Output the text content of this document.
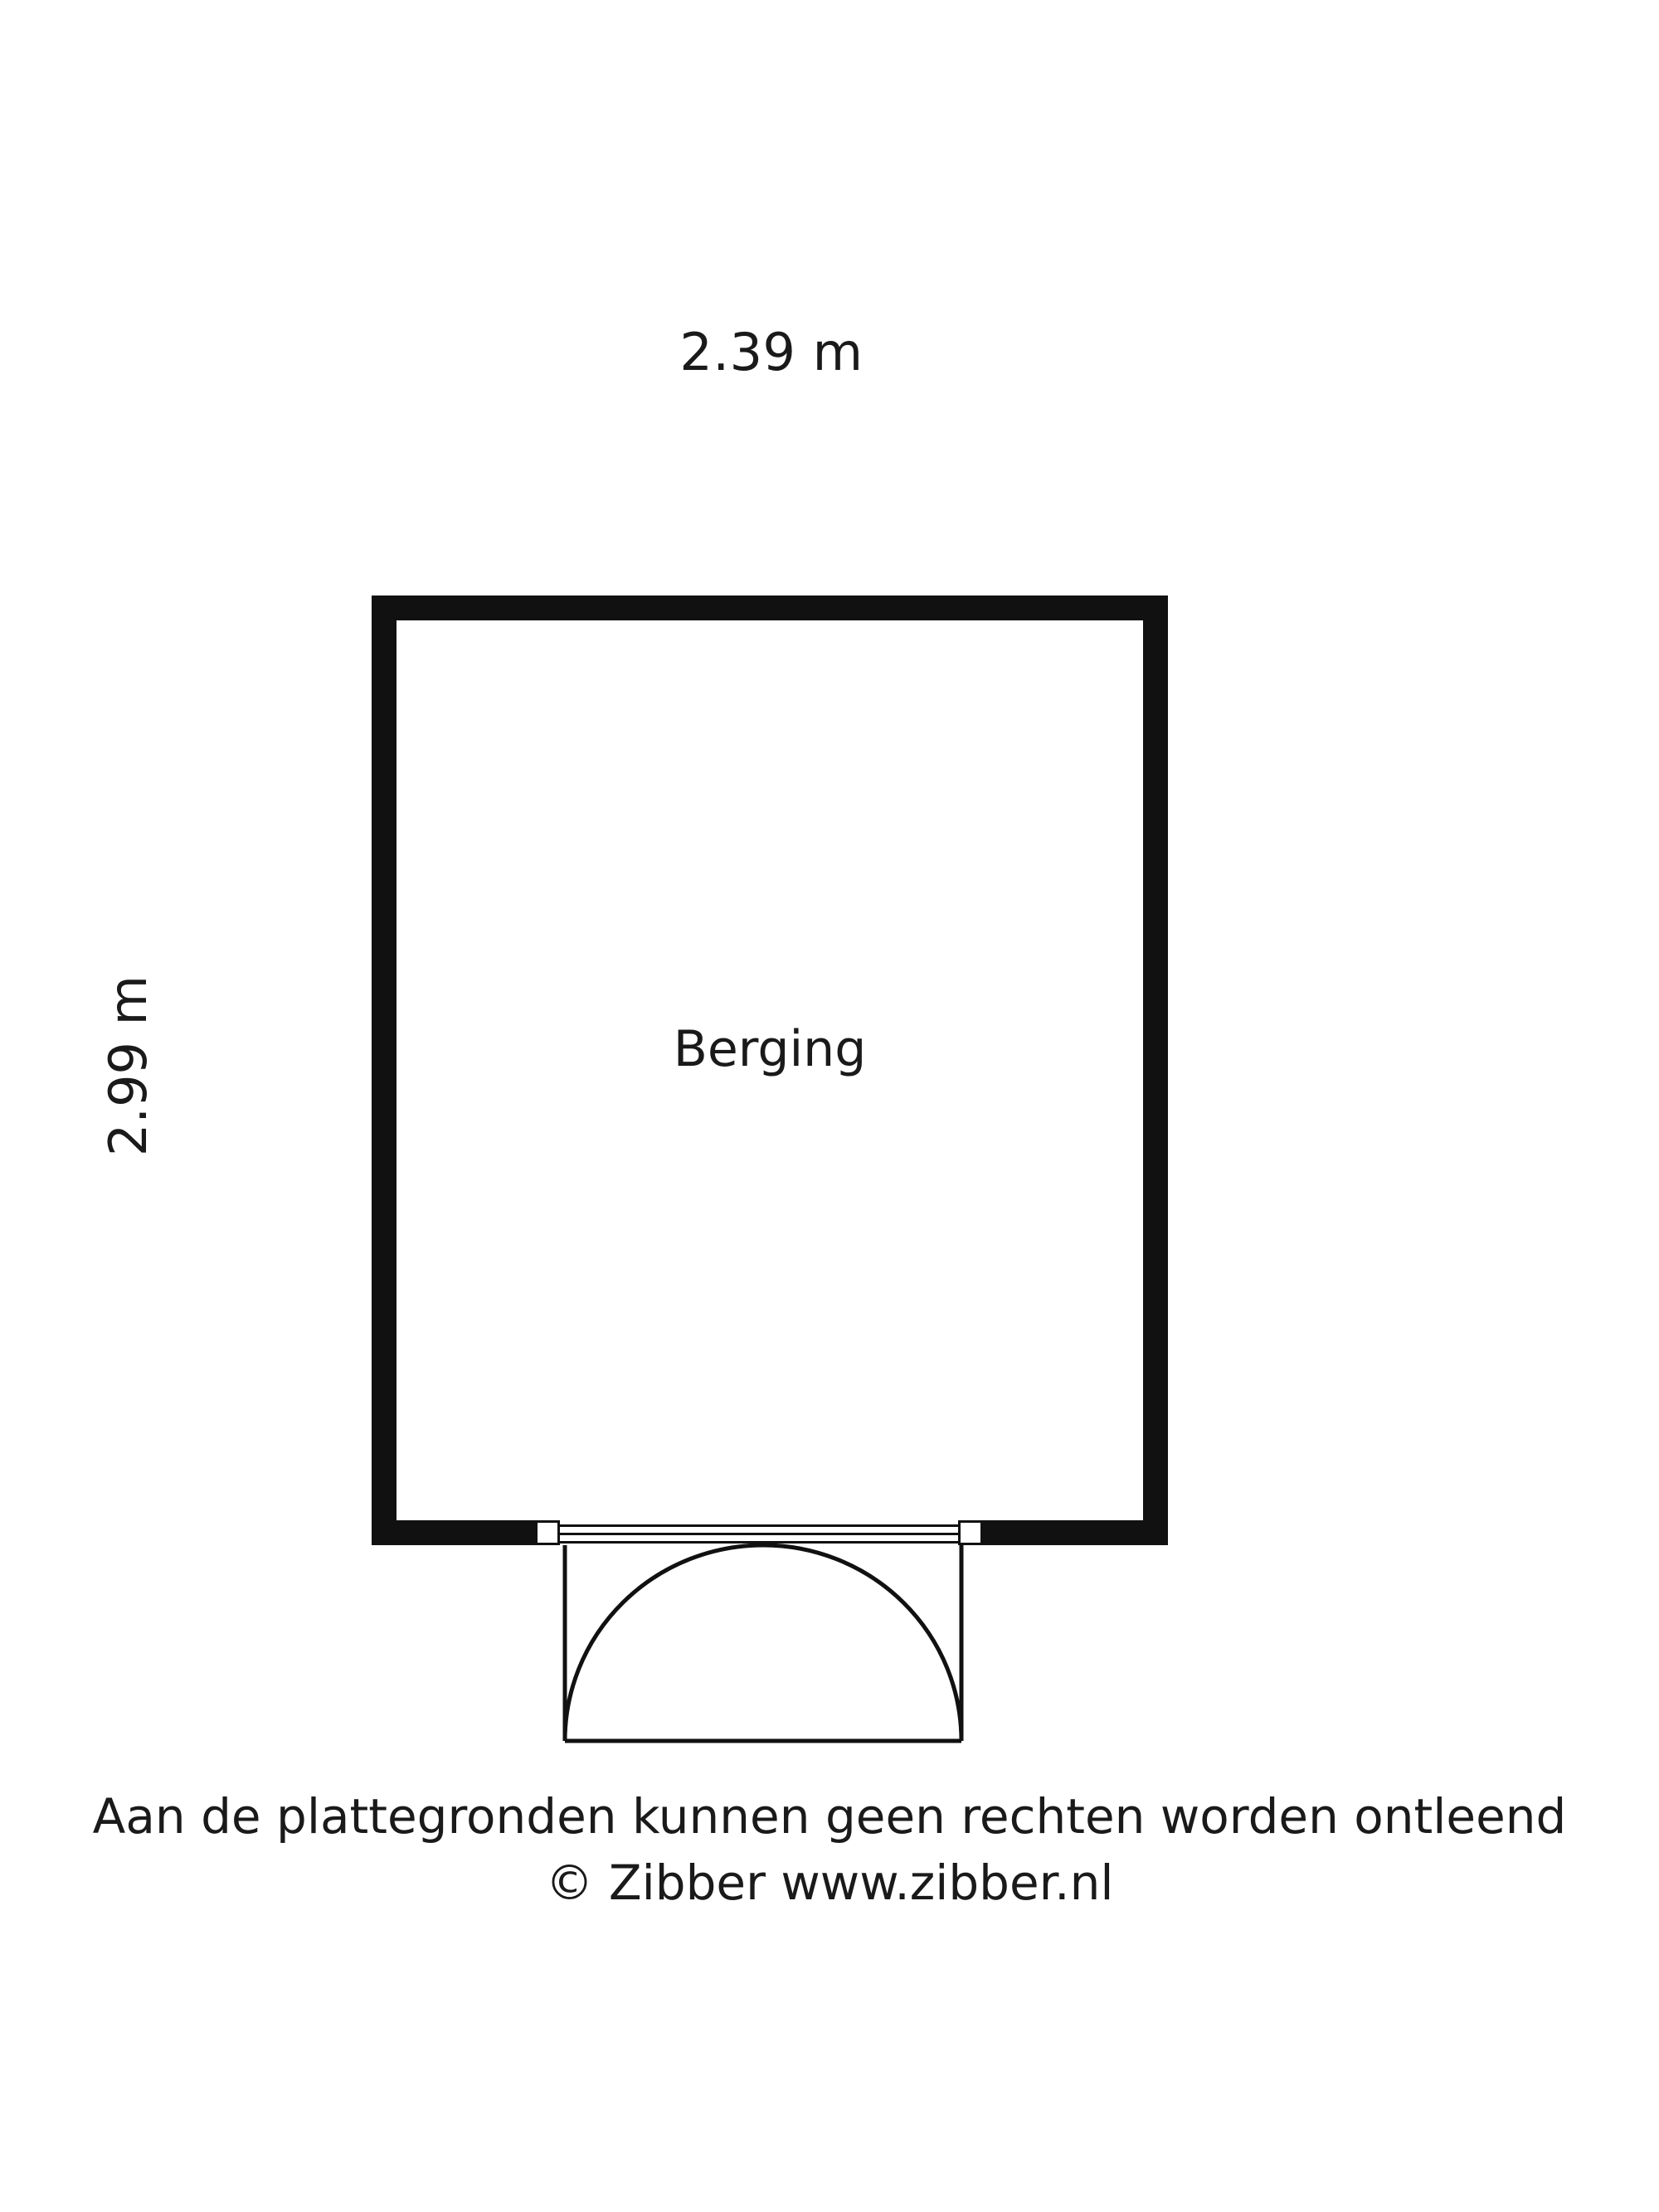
2.39 m
2.99 m	Berging
Aan de plattegronden kunnen geen rechten worden ontleend
© Zibber www.zibber.nl
